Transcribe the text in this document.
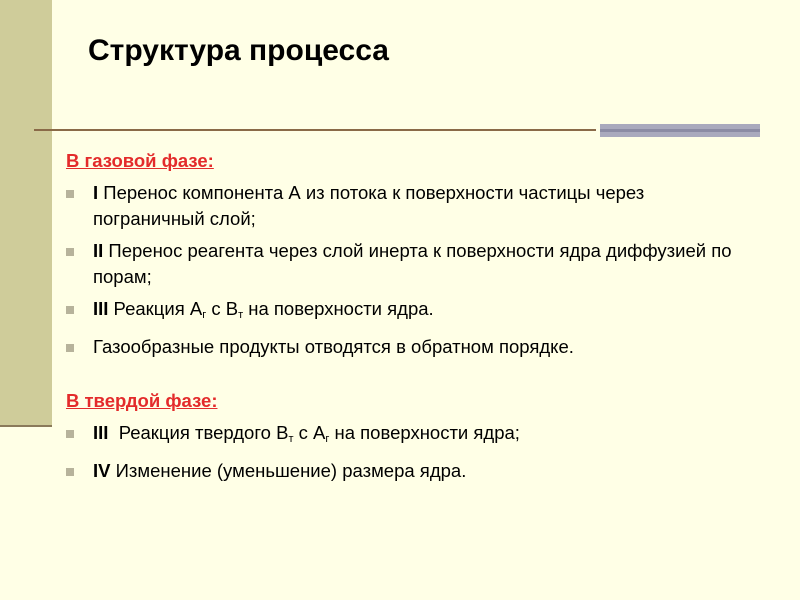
Структура процесса
В газовой фазе:
I Перенос компонента А из потока к поверхности частицы через пограничный слой;
II Перенос реагента через слой инерта к поверхности ядра диффузией по порам;
III Реакция $А_г$ с $В_т$ на поверхности ядра.
Газообразные продукты отводятся в обратном порядке.
В твердой фазе:
III  Реакция твердого $В_т$ с $А_г$ на поверхности ядра;
IV Изменение (уменьшение) размера ядра.
